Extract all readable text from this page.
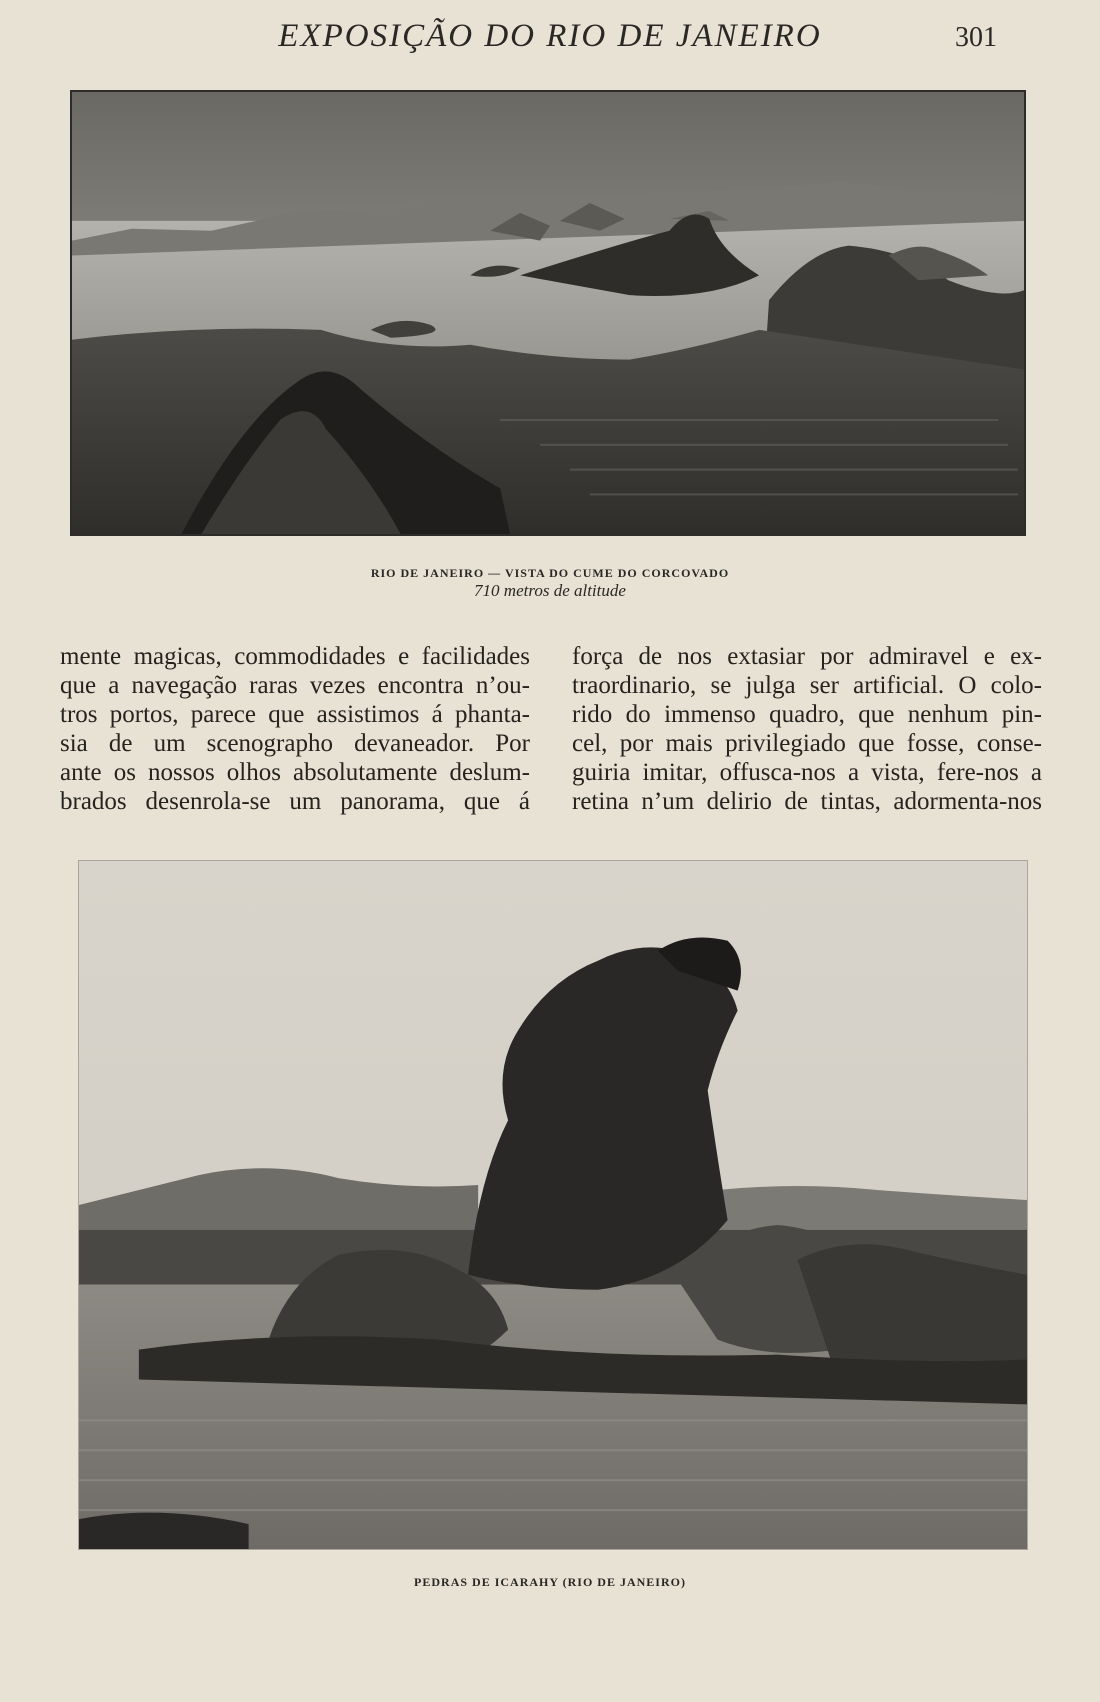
EXPOSIÇÃO DO RIO DE JANEIRO	301
RIO DE JANEIRO — VISTA DO CUME DO CORCOVADO
710 metros de altitude
mente magicas, commodidades e facilidades
que a navegação raras vezes encontra n’ou-
tros portos, parece que assistimos á phanta-
sia de um scenographo devaneador. Por
ante os nossos olhos absolutamente deslum-
brados desenrola-se um panorama, que á
força de nos extasiar por admiravel e ex-
traordinario, se julga ser artificial. O colo-
rido do immenso quadro, que nenhum pin-
cel, por mais privilegiado que fosse, conse-
guiria imitar, offusca-nos a vista, fere-nos a
retina n’um delirio de tintas, adormenta-nos
PEDRAS DE ICARAHY (RIO DE JANEIRO)
